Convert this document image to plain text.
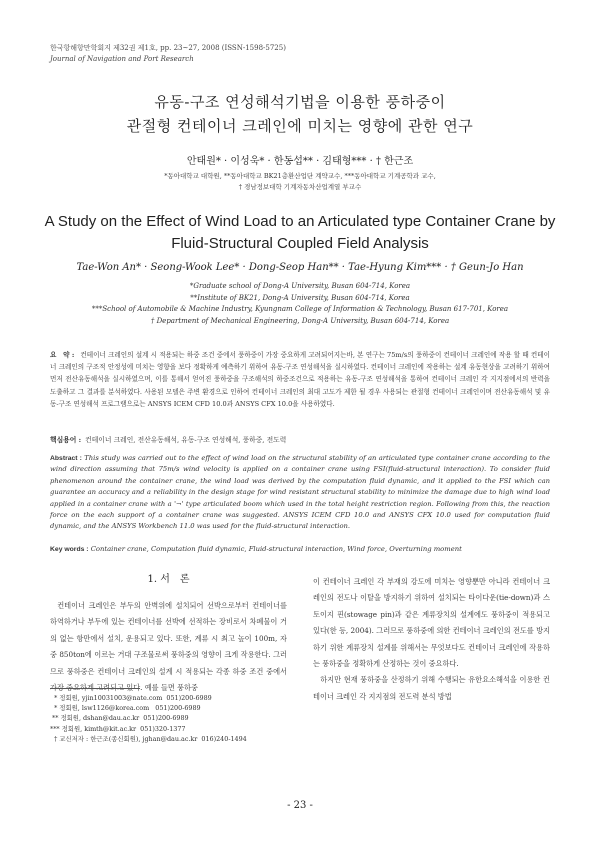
한국항해항만학회지 제32권 제1호, pp. 23~27, 2008 (ISSN-1598-5725)
Journal of Navigation and Port Research
유동-구조 연성해석기법을 이용한 풍하중이
관절형 컨테이너 크레인에 미치는 영향에 관한 연구
안태원* · 이성욱* · 한동섭** · 김태형*** · † 한근조
*동아대학교 대학원, **동아대학교 BK21층환산업단 계약교수, ***동아대학교 기계공학과 교수,
† 경남정보대학 기계자동차산업계열 부교수
A Study on the Effect of Wind Load to an Articulated type Container Crane by
Fluid-Structural Coupled Field Analysis
Tae-Won An* · Seong-Wook Lee* · Dong-Seop Han** · Tae-Hyung Kim*** · † Geun-Jo Han
*Graduate school of Dong-A University, Busan 604-714, Korea
**Institute of BK21, Dong-A University, Busan 604-714, Korea
***School of Automobile & Machine Industry, Kyungnam College of Information & Technology, Busan 617-701, Korea
† Department of Mechanical Engineering, Dong-A University, Busan 604-714, Korea
요　약 : 컨테이너 크레인의 설계 시 적용되는 하중 조건 중에서 풍하중이 가장 중요하게 고려되어지는바, 본 연구는 75m/s의 풍하중이 컨테이너 크레인에 작용 할 때 컨테이너 크레인의 구조적 안정성에 미치는 영향을 보다 정확하게 예측하기 위하여 유동-구조 연성해석을 실시하였다. 컨테이너 크레인에 작용하는 설계 유동현상을 고려하기 위하여 먼저 전산유동해석을 실시하였으며, 이를 통해서 얻어진 풍하중을 구조해석의 하중조건으로 적용하는 유동-구조 연성해석을 통하여 컨테이너 크레인 각 지지점에서의 반력을 도출하고 그 결과를 분석하였다. 사용된 모델은 주변 환경으로 인하여 컨테이너 크레인의 최대 고도가 제한 될 경우 사용되는 관절형 컨테이너 크레인이며 전산유동해석 및 유동-구조 연성해석 프로그램으로는 ANSYS ICEM CFD 10.0과 ANSYS CFX 10.0을 사용하였다.
핵심용어 : 컨테이너 크레인, 전산유동해석, 유동-구조 연성해석, 풍하중, 전도력
Abstract : This study was carried out to the effect of wind load on the structural stability of an articulated type container crane according to the wind direction assuming that 75m/s wind velocity is applied on a container crane using FSI(fluid-structural interaction). To consider fluid phenomenon around the container crane, the wind load was derived by the computation fluid dynamic, and it applied to the FSI which can guarantee an accuracy and a reliability in the design stage for wind resistant structural stability to minimize the damage due to high wind load applied in a container crane with a '¬' type articulated boom which used in the total height restriction region. Following from this, the reaction force on the each support of a container crane was suggested. ANSYS ICEM CFD 10.0 and ANSYS CFX 10.0 used for computation fluid dynamic, and the ANSYS Workbench 11.0 was used for the fluid-structural interaction.
Key words : Container crane, Computation fluid dynamic, Fluid-structural interaction, Wind force, Overturning moment
1. 서　론

컨테이너 크레인은 부두의 안벽위에 설치되어 선박으로부터 컨테이너를 하역하거나 부두에 있는 컨테이너를 선박에 선적하는 장비로서 차폐물이 거의 없는 항만에서 설치, 운용되고 있다. 또한, 계류 시 최고 높이 100m, 자중 850ton에 이르는 거대 구조물로써 풍하중의 영향이 크게 작용한다. 그러므로 풍하중은 컨테이너 크레인의 설계 시 적용되는 각종 하중 조건 중에서 가장 중요하게 고려되고 있다. 예를 들면 풍하중

이 컨테이너 크레인 각 부재의 강도에 미치는 영향뿐만 아니라 컨테이너 크레인의 전도나 이탈을 방지하기 위하여 설치되는 타이다운(tie-down)과 스토이지 핀(stowage pin)과 같은 계류장치의 설계에도 풍하중이 적용되고 있다(한 등, 2004). 그러므로 풍하중에 의한 컨테이너 크레인의 전도를 방지하기 위한 계류장치 설계를 위해서는 무엇보다도 컨테이너 크레인에 작용하는 풍하중을 정확하게 산정하는 것이 중요하다.

하지만 현재 풍하중을 산정하기 위해 수행되는 유한요소해석을 이용한 컨테이너 크레인 각 지지점의 전도력 분석 방법

* 정회원, yjin10031003@nate.com  051)200-6989
* 정회원, lsw1126@korea.com   051)200-6989
** 정회원, dshan@dau.ac.kr  051)200-6989
*** 정회원, kimth@kit.ac.kr  051)320-1377
† 교신저자 : 한근조(종신회원), jghan@dau.ac.kr  016)240-1494
- 23 -
